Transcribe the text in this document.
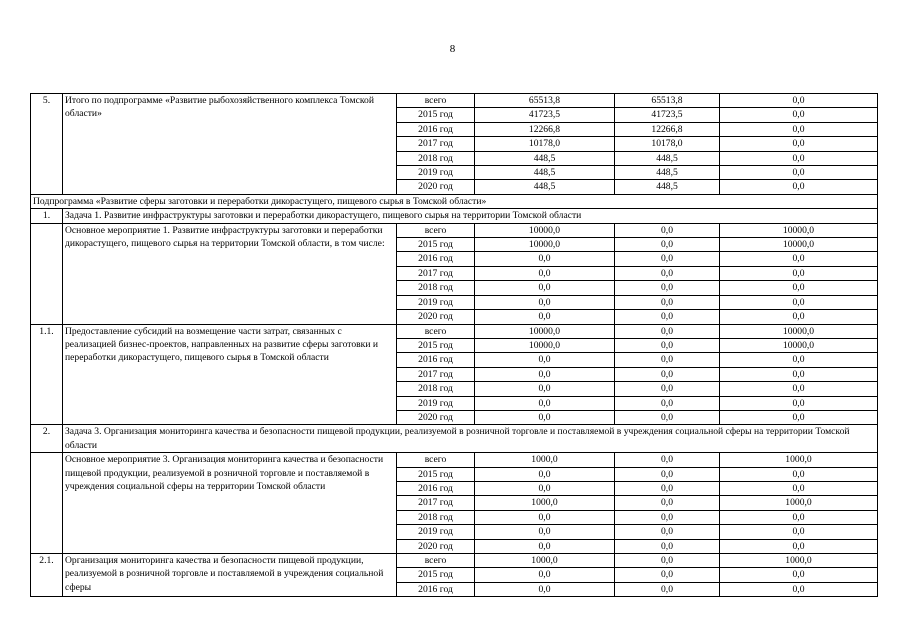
8
5.	Итого по подпрограмме «Развитие рыбохозяйственного комплекса Томской области»	всего	65513,8	65513,8	0,0
		2015 год	41723,5	41723,5	0,0
		2016 год	12266,8	12266,8	0,0
		2017 год	10178,0	10178,0	0,0
		2018 год	448,5	448,5	0,0
		2019 год	448,5	448,5	0,0
		2020 год	448,5	448,5	0,0
Подпрограмма «Развитие сферы заготовки и переработки дикорастущего, пищевого сырья в Томской области»					
1.	Задача 1. Развитие инфраструктуры заготовки и переработки дикорастущего, пищевого сырья на территории Томской области				
	Основное мероприятие 1. Развитие инфраструктуры заготовки и переработки дикорастущего, пищевого сырья на территории Томской области, в том числе:	всего	10000,0	0,0	10000,0
		2015 год	10000,0	0,0	10000,0
		2016 год	0,0	0,0	0,0
		2017 год	0,0	0,0	0,0
		2018 год	0,0	0,0	0,0
		2019 год	0,0	0,0	0,0
		2020 год	0,0	0,0	0,0
1.1.	Предоставление субсидий на возмещение части затрат, связанных с реализацией бизнес-проектов, направленных на развитие сферы заготовки и переработки дикорастущего, пищевого сырья в Томской области	всего	10000,0	0,0	10000,0
		2015 год	10000,0	0,0	10000,0
		2016 год	0,0	0,0	0,0
		2017 год	0,0	0,0	0,0
		2018 год	0,0	0,0	0,0
		2019 год	0,0	0,0	0,0
		2020 год	0,0	0,0	0,0
2.	Задача 3. Организация мониторинга качества и безопасности пищевой продукции, реализуемой в розничной торговле и поставляемой в учреждения социальной сферы на территории Томской области				
	Основное мероприятие 3. Организация мониторинга качества и безопасности пищевой продукции, реализуемой в розничной торговле и поставляемой в учреждения социальной сферы на территории Томской области	всего	1000,0	0,0	1000,0
		2015 год	0,0	0,0	0,0
		2016 год	0,0	0,0	0,0
		2017 год	1000,0	0,0	1000,0
		2018 год	0,0	0,0	0,0
		2019 год	0,0	0,0	0,0
		2020 год	0,0	0,0	0,0
2.1.	Организация мониторинга качества и безопасности пищевой продукции, реализуемой в розничной торговле и поставляемой в учреждения социальной сферы	всего	1000,0	0,0	1000,0
		2015 год	0,0	0,0	0,0
		2016 год	0,0	0,0	0,0
